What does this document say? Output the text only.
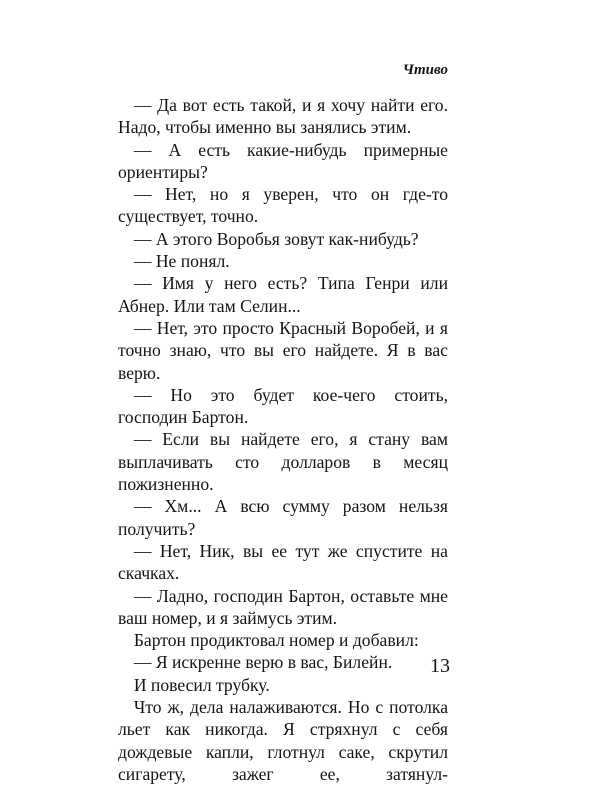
Чтиво

— Да вот есть такой, и я хочу найти его. Надо, чтобы именно вы занялись этим.

— А есть какие-нибудь примерные ориентиры?

— Нет, но я уверен, что он где-то существует, точно.

— А этого Воробья зовут как-нибудь?

— Не понял.

— Имя у него есть? Типа Генри или Абнер. Или там Селин...

— Нет, это просто Красный Воробей, и я точно знаю, что вы его найдете. Я в вас верю.

— Но это будет кое-чего стоить, господин Бартон.

— Если вы найдете его, я стану вам выплачивать сто долларов в месяц пожизненно.

— Хм... А всю сумму разом нельзя получить?

— Нет, Ник, вы ее тут же спустите на скачках.

— Ладно, господин Бартон, оставьте мне ваш номер, и я займусь этим.

Бартон продиктовал номер и добавил:

— Я искренне верю в вас, Билейн.

И повесил трубку.

Что ж, дела налаживаются. Но с потолка льет как никогда. Я стряхнул с себя дождевые капли, глотнул саке, скрутил сигарету, зажег ее, затянул-

13
